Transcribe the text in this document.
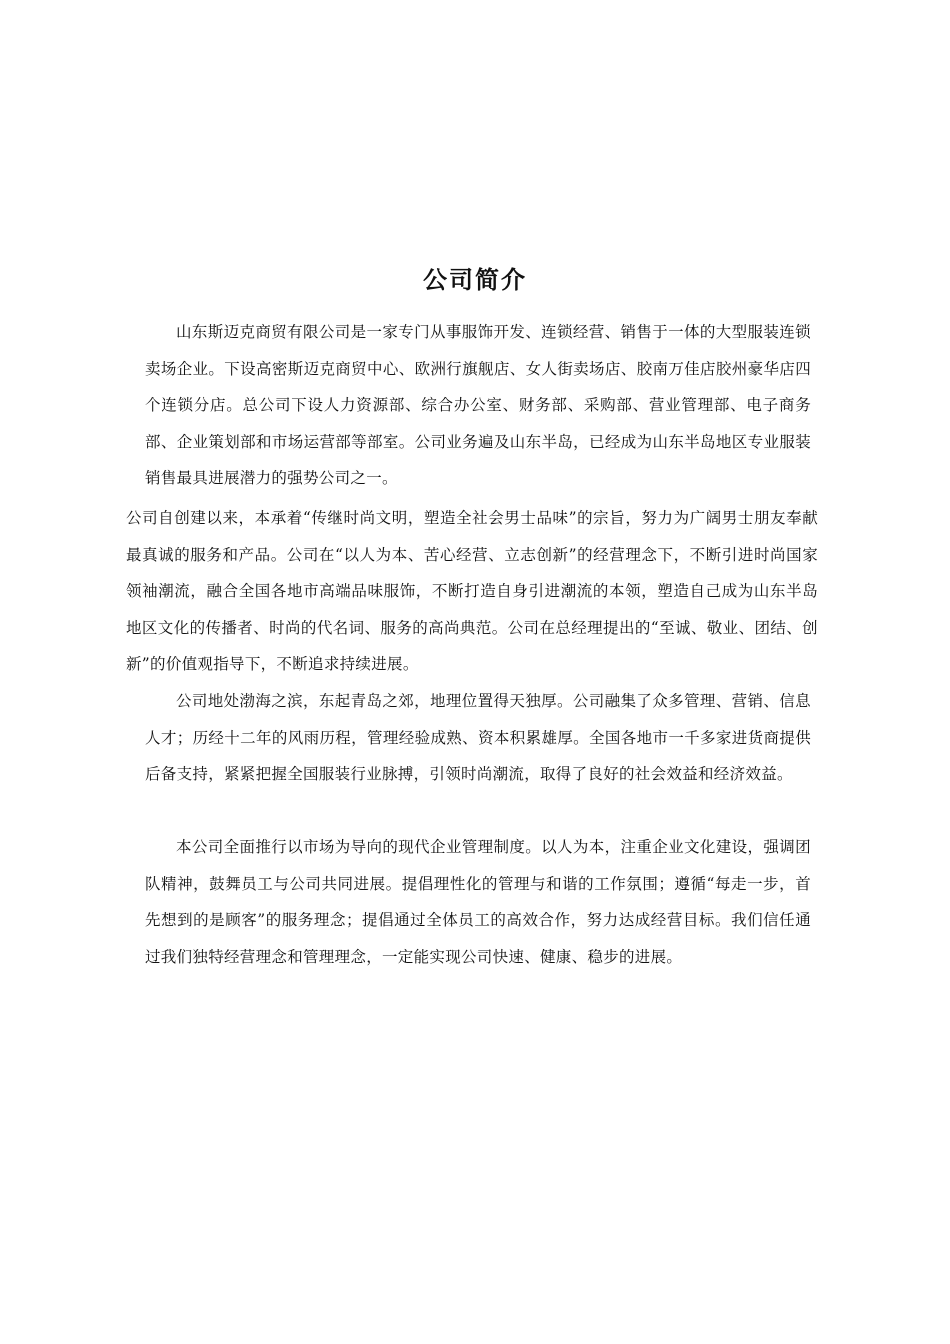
公司简介

山东斯迈克商贸有限公司是一家专门从事服饰开发、连锁经营、销售于一体的大型服装连锁卖场企业。下设高密斯迈克商贸中心、欧洲行旗舰店、女人街卖场店、胶南万佳店胶州豪华店四个连锁分店。总公司下设人力资源部、综合办公室、财务部、采购部、营业管理部、电子商务部、企业策划部和市场运营部等部室。公司业务遍及山东半岛，已经成为山东半岛地区专业服装销售最具进展潜力的强势公司之一。

公司自创建以来，本承着“传继时尚文明，塑造全社会男士品味”的宗旨，努力为广阔男士朋友奉献最真诚的服务和产品。公司在“以人为本、苦心经营、立志创新”的经营理念下，不断引进时尚国家领袖潮流，融合全国各地市高端品味服饰，不断打造自身引进潮流的本领，塑造自己成为山东半岛地区文化的传播者、时尚的代名词、服务的高尚典范。公司在总经理提出的“至诚、敬业、团结、创新”的价值观指导下，不断追求持续进展。

公司地处渤海之滨，东起青岛之郊，地理位置得天独厚。公司融集了众多管理、营销、信息人才；历经十二年的风雨历程，管理经验成熟、资本积累雄厚。全国各地市一千多家进货商提供后备支持，紧紧把握全国服装行业脉搏，引领时尚潮流，取得了良好的社会效益和经济效益。

本公司全面推行以市场为导向的现代企业管理制度。以人为本，注重企业文化建设，强调团队精神，鼓舞员工与公司共同进展。提倡理性化的管理与和谐的工作氛围；遵循“每走一步，首先想到的是顾客”的服务理念；提倡通过全体员工的高效合作，努力达成经营目标。我们信任通过我们独特经营理念和管理理念，一定能实现公司快速、健康、稳步的进展。
